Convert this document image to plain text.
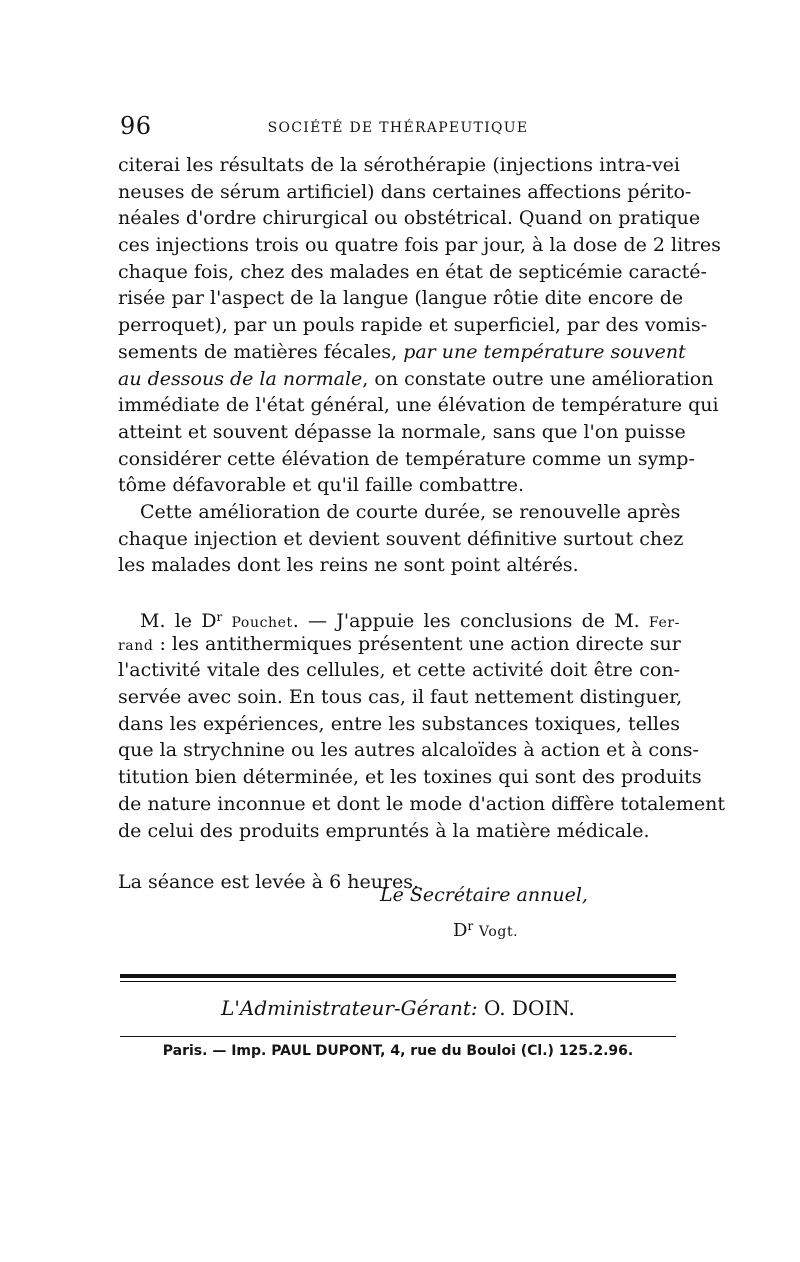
96	SOCIÉTÉ DE THÉRAPEUTIQUE
citerai les résultats de la sérothérapie (injections intra-vei
neuses de sérum artificiel) dans certaines affections périto-
néales d'ordre chirurgical ou obstétrical. Quand on pratique
ces injections trois ou quatre fois par jour, à la dose de 2 litres
chaque fois, chez des malades en état de septicémie caracté-
risée par l'aspect de la langue (langue rôtie dite encore de
perroquet), par un pouls rapide et superficiel, par des vomis-
sements de matières fécales, par une température souvent
au dessous de la normale, on constate outre une amélioration
immédiate de l'état général, une élévation de température qui
atteint et souvent dépasse la normale, sans que l'on puisse
considérer cette élévation de température comme un symp-
tôme défavorable et qu'il faille combattre.
Cette amélioration de courte durée, se renouvelle après
chaque injection et devient souvent définitive surtout chez
les malades dont les reins ne sont point altérés.
M. le $D^r$ Pouchet. — J'appuie les conclusions de M. Fer-
rand : les antithermiques présentent une action directe sur
l'activité vitale des cellules, et cette activité doit être con-
servée avec soin. En tous cas, il faut nettement distinguer,
dans les expériences, entre les substances toxiques, telles
que la strychnine ou les autres alcaloïdes à action et à cons-
titution bien déterminée, et les toxines qui sont des produits
de nature inconnue et dont le mode d'action diffère totalement
de celui des produits empruntés à la matière médicale.
La séance est levée à 6 heures.
Le Secrétaire annuel,
$D^r$ Vogt.
L'Administrateur-Gérant: O. DOIN.
Paris. — Imp. PAUL DUPONT, 4, rue du Bouloi (Cl.) 125.2.96.
